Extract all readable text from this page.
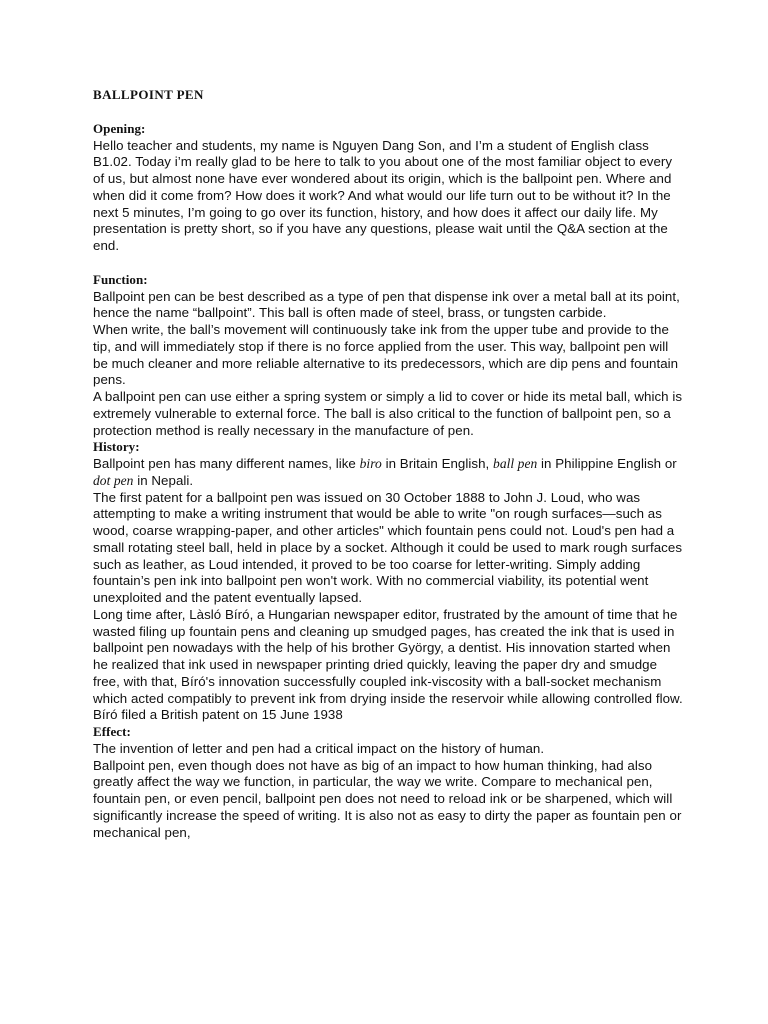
BALLPOINT PEN
Opening:

Hello teacher and students, my name is Nguyen Dang Son, and I’m a student of English class B1.02. Today i’m really glad to be here to talk to you about one of the most familiar object to every of us, but almost none have ever wondered about its origin, which is the ballpoint pen. Where and when did it come from? How does it work? And what would our life turn out to be without it? In the next 5 minutes, I’m going to go over its function, history, and how does it affect our daily life. My presentation is pretty short, so if you have any questions, please wait until the Q&A section at the end.

Function:

Ballpoint pen can be best described as a type of pen that dispense ink over a metal ball at its point, hence the name “ballpoint”. This ball is often made of steel, brass, or tungsten carbide.

When write, the ball’s movement will continuously take ink from the upper tube and provide to the tip, and will immediately stop if there is no force applied from the user. This way, ballpoint pen will be much cleaner and more reliable alternative to its predecessors, which are dip pens and fountain pens.

A ballpoint pen can use either a spring system or simply a lid to cover or hide its metal ball, which is extremely vulnerable to external force. The ball is also critical to the function of ballpoint pen, so a protection method is really necessary in the manufacture of pen.

History:

Ballpoint pen has many different names, like biro in Britain English, ball pen in Philippine English or dot pen in Nepali.

The first patent for a ballpoint pen was issued on 30 October 1888 to John J. Loud, who was attempting to make a writing instrument that would be able to write "on rough surfaces—such as wood, coarse wrapping-paper, and other articles" which fountain pens could not. Loud's pen had a small rotating steel ball, held in place by a socket. Although it could be used to mark rough surfaces such as leather, as Loud intended, it proved to be too coarse for letter-writing. Simply adding fountain’s pen ink into ballpoint pen won't work. With no commercial viability, its potential went unexploited and the patent eventually lapsed.

Long time after, Làsló Bíró, a Hungarian newspaper editor, frustrated by the amount of time that he wasted filing up fountain pens and cleaning up smudged pages, has created the ink that is used in ballpoint pen nowadays with the help of his brother György, a dentist. His innovation started when he realized that ink used in newspaper printing dried quickly, leaving the paper dry and smudge free, with that, Bíró's innovation successfully coupled ink-viscosity with a ball-socket mechanism which acted compatibly to prevent ink from drying inside the reservoir while allowing controlled flow. Bíró filed a British patent on 15 June 1938

Effect:

The invention of letter and pen had a critical impact on the history of human.

Ballpoint pen, even though does not have as big of an impact to how human thinking, had also greatly affect the way we function, in particular, the way we write. Compare to mechanical pen, fountain pen, or even pencil, ballpoint pen does not need to reload ink or be sharpened, which will significantly increase the speed of writing. It is also not as easy to dirty the paper as fountain pen or mechanical pen,
